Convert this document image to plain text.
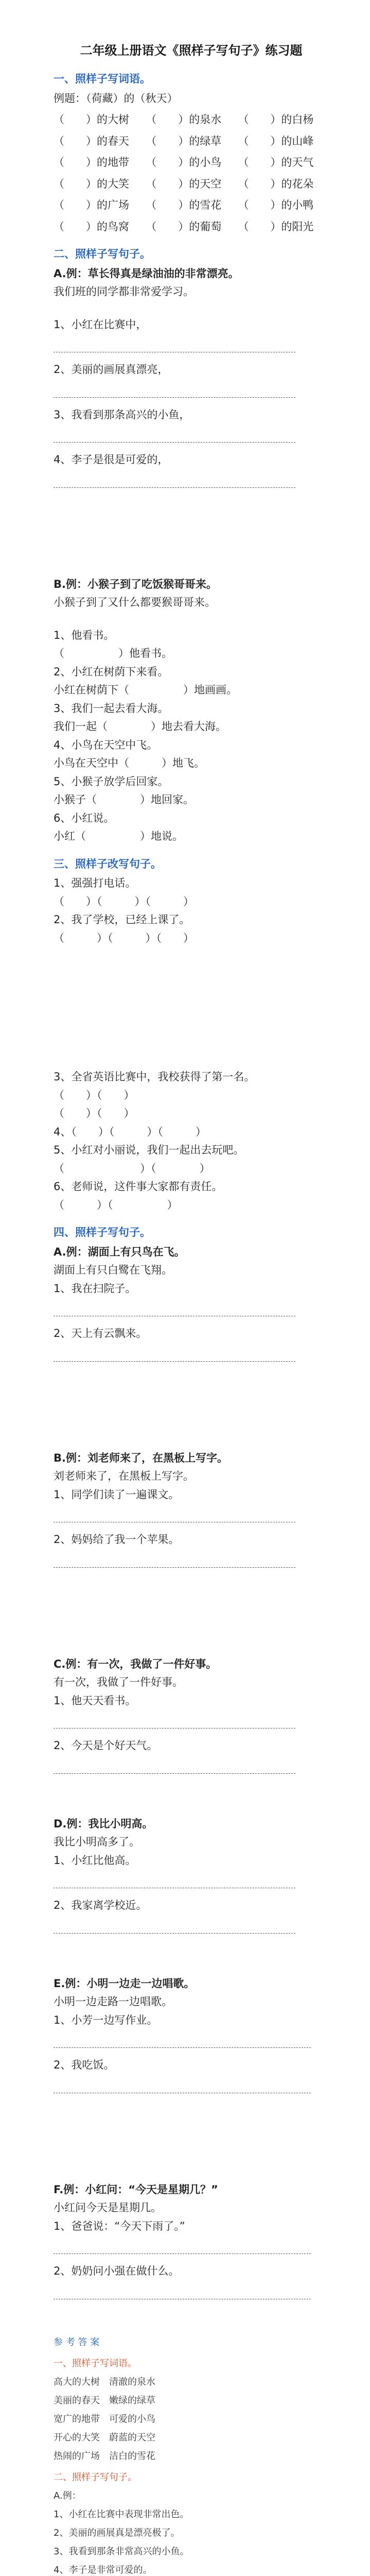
二年级上册语文《照样子写句子》练习题
一、照样子写词语。
例题：（荷藏）的（秋天）
（　　）的大树	（　　）的泉水	（　　）的白杨
（　　）的春天	（　　）的绿草	（　　）的山峰
（　　）的地带	（　　）的小鸟	（　　）的天气
（　　）的大笑	（　　）的天空	（　　）的花朵
（　　）的广场	（　　）的雪花	（　　）的小鸭
（　　）的鸟窝	（　　）的葡萄	（　　）的阳光
二、照样子写句子。
A.例：草长得真是绿油油的非常漂亮。
我们班的同学都非常爱学习。
1、小红在比赛中，
2、美丽的画展真漂亮，
3、我看到那条高兴的小鱼，
4、李子是很是可爱的，
B.例：小猴子到了吃饭猴哥哥来。
小猴子到了又什么都要猴哥哥来。
1、他看书。
（　　　　　）他看书。
2、小红在树荫下来看。
小红在树荫下（　　　　　）地画画。
3、我们一起去看大海。
我们一起（　　　　）地去看大海。
4、小鸟在天空中飞。
小鸟在天空中（　　　）地飞。
5、小猴子放学后回家。
小猴子（　　　　）地回家。
6、小红说。
小红（　　　　　）地说。
三、照样子改写句子。
1、强强打电话。
（　　）（　　　）（　　　）
2、我了学校，已经上课了。
（　　　）（　　　）（　　）
3、全省英语比赛中，我校获得了第一名。
（　　）（　　）
（　　）（　　）
4、（　　）（　　　）（　　　）
5、小红对小丽说，我们一起出去玩吧。
（　　　　　　　）（　　　　）
6、老师说，这件事大家都有责任。
（　　　）（　　　　　）
四、照样子写句子。
A.例：湖面上有只鸟在飞。
湖面上有只白鹭在飞翔。
1、我在扫院子。
2、天上有云飘来。
B.例：刘老师来了，在黑板上写字。
刘老师来了，在黑板上写字。
1、同学们读了一遍课文。
2、妈妈给了我一个苹果。
C.例：有一次，我做了一件好事。
有一次，我做了一件好事。
1、他天天看书。
2、今天是个好天气。
D.例：我比小明高。
我比小明高多了。
1、小红比他高。
2、我家离学校近。
E.例：小明一边走一边唱歌。
小明一边走路一边唱歌。
1、小芳一边写作业。
2、我吃饭。
F.例：小红问：“今天是星期几？”
小红问今天是星期几。
1、爸爸说：“今天下雨了。”
2、奶奶问小强在做什么。
参 考 答 案
一、照样子写词语。
高大的大树　清澈的泉水
美丽的春天　嫩绿的绿草
宽广的地带　可爱的小鸟
开心的大笑　蔚蓝的天空
热闹的广场　洁白的雪花
二、照样子写句子。
A.例：
1、小红在比赛中表现非常出色。
2、美丽的画展真是漂亮极了。
3、我看到那条非常高兴的小鱼。
4、李子是非常可爱的。
